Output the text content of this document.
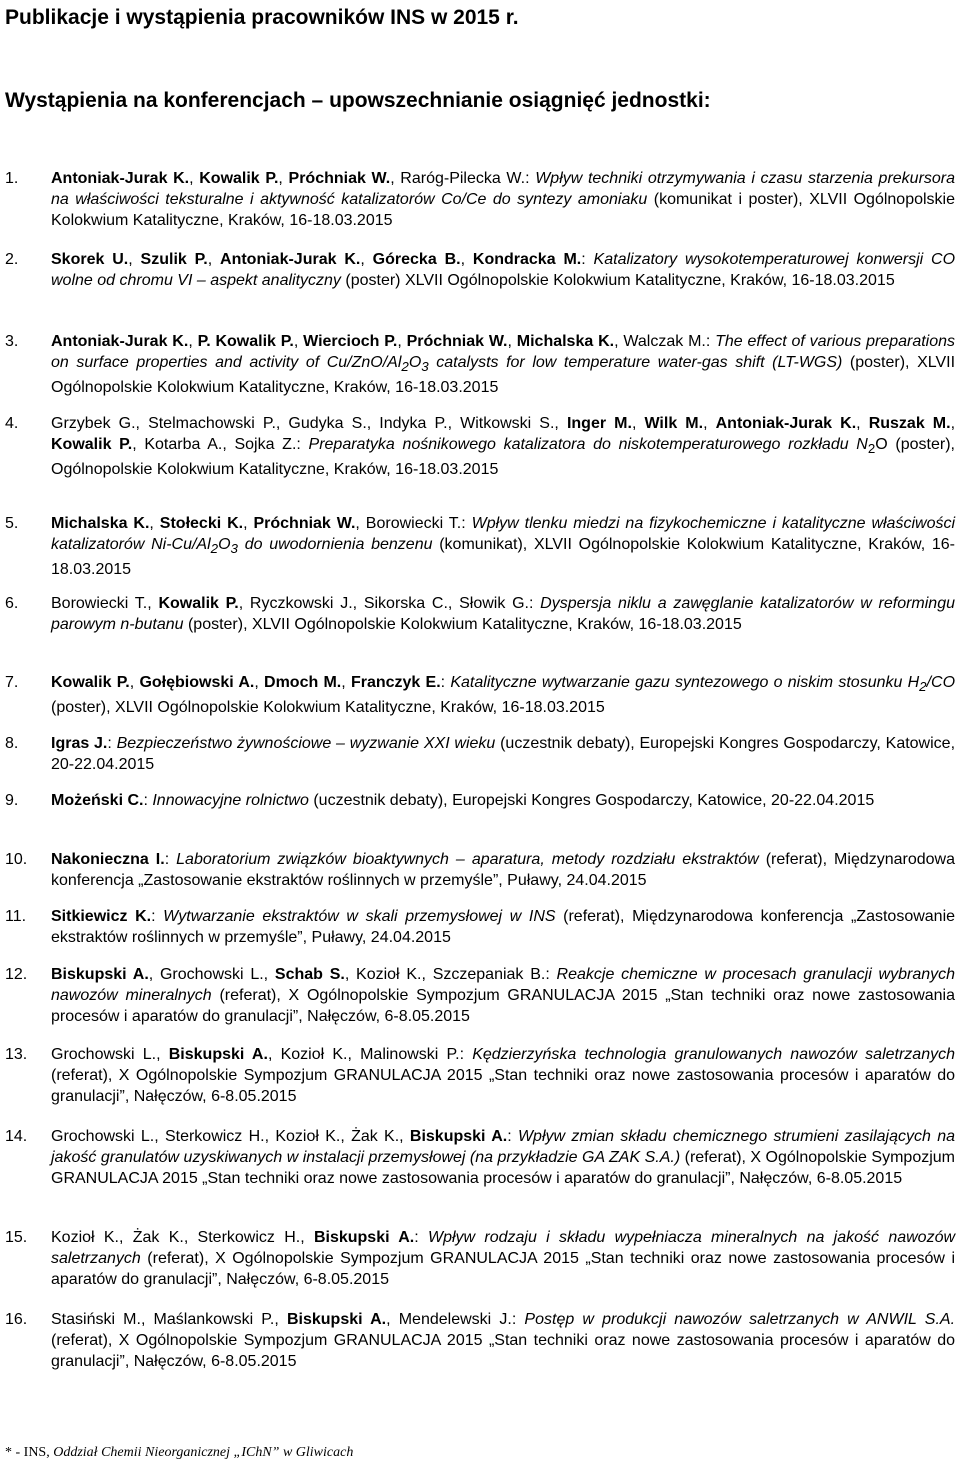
Publikacje i wystąpienia pracowników INS w 2015 r.
Wystąpienia na konferencjach – upowszechnianie osiągnięć jednostki:
1. Antoniak-Jurak K., Kowalik P., Próchniak W., Raróg-Pilecka W.: Wpływ techniki otrzymywania i czasu starzenia prekursora na właściwości teksturalne i aktywność katalizatorów Co/Ce do syntezy amoniaku (komunikat i poster), XLVII Ogólnopolskie Kolokwium Katalityczne, Kraków, 16-18.03.2015
2. Skorek U., Szulik P., Antoniak-Jurak K., Górecka B., Kondracka M.: Katalizatory wysokotemperaturowej konwersji CO wolne od chromu VI – aspekt analityczny (poster) XLVII Ogólnopolskie Kolokwium Katalityczne, Kraków, 16-18.03.2015
3. Antoniak-Jurak K., P. Kowalik P., Wiercioch P., Próchniak W., Michalska K., Walczak M.: The effect of various preparations on surface properties and activity of $Cu/ZnO/Al_2O_3$ catalysts for low temperature water-gas shift (LT-WGS) (poster), XLVII Ogólnopolskie Kolokwium Katalityczne, Kraków, 16-18.03.2015
4. Grzybek G., Stelmachowski P., Gudyka S., Indyka P., Witkowski S., Inger M., Wilk M., Antoniak-Jurak K., Ruszak M., Kowalik P., Kotarba A., Sojka Z.: Preparatyka nośnikowego katalizatora do niskotemperaturowego rozkładu $N_2O$ (poster), Ogólnopolskie Kolokwium Katalityczne, Kraków, 16-18.03.2015
5. Michalska K., Stołecki K., Próchniak W., Borowiecki T.: Wpływ tlenku miedzi na fizykochemiczne i katalityczne właściwości katalizatorów $Ni-Cu/Al_2O_3$ do uwodornienia benzenu (komunikat), XLVII Ogólnopolskie Kolokwium Katalityczne, Kraków, 16-18.03.2015
6. Borowiecki T., Kowalik P., Ryczkowski J., Sikorska C., Słowik G.: Dyspersja niklu a zawęglanie katalizatorów w reformingu parowym n-butanu (poster), XLVII Ogólnopolskie Kolokwium Katalityczne, Kraków, 16-18.03.2015
7. Kowalik P., Gołębiowski A., Dmoch M., Franczyk E.: Katalityczne wytwarzanie gazu syntezowego o niskim stosunku $H_2/CO$ (poster), XLVII Ogólnopolskie Kolokwium Katalityczne, Kraków, 16-18.03.2015
8. Igras J.: Bezpieczeństwo żywnościowe – wyzwanie XXI wieku (uczestnik debaty), Europejski Kongres Gospodarczy, Katowice, 20-22.04.2015
9. Możeński C.: Innowacyjne rolnictwo (uczestnik debaty), Europejski Kongres Gospodarczy, Katowice, 20-22.04.2015
10. Nakonieczna I.: Laboratorium związków bioaktywnych – aparatura, metody rozdziału ekstraktów (referat), Międzynarodowa konferencja „Zastosowanie ekstraktów roślinnych w przemyśle”, Puławy, 24.04.2015
11. Sitkiewicz K.: Wytwarzanie ekstraktów w skali przemysłowej w INS (referat), Międzynarodowa konferencja „Zastosowanie ekstraktów roślinnych w przemyśle”, Puławy, 24.04.2015
12. Biskupski A., Grochowski L., Schab S., Kozioł K., Szczepaniak B.: Reakcje chemiczne w procesach granulacji wybranych nawozów mineralnych (referat), X Ogólnopolskie Sympozjum GRANULACJA 2015 „Stan techniki oraz nowe zastosowania procesów i aparatów do granulacji”, Nałęczów, 6-8.05.2015
13. Grochowski L., Biskupski A., Kozioł K., Malinowski P.: Kędzierzyńska technologia granulowanych nawozów saletrzanych (referat), X Ogólnopolskie Sympozjum GRANULACJA 2015 „Stan techniki oraz nowe zastosowania procesów i aparatów do granulacji”, Nałęczów, 6-8.05.2015
14. Grochowski L., Sterkowicz H., Kozioł K., Żak K., Biskupski A.: Wpływ zmian składu chemicznego strumieni zasilających na jakość granulatów uzyskiwanych w instalacji przemysłowej (na przykładzie GA ZAK S.A.) (referat), X Ogólnopolskie Sympozjum GRANULACJA 2015 „Stan techniki oraz nowe zastosowania procesów i aparatów do granulacji”, Nałęczów, 6-8.05.2015
15. Kozioł K., Żak K., Sterkowicz H., Biskupski A.: Wpływ rodzaju i składu wypełniacza mineralnych na jakość nawozów saletrzanych (referat), X Ogólnopolskie Sympozjum GRANULACJA 2015 „Stan techniki oraz nowe zastosowania procesów i aparatów do granulacji”, Nałęczów, 6-8.05.2015
16. Stasiński M., Maślankowski P., Biskupski A., Mendelewski J.: Postęp w produkcji nawozów saletrzanych w ANWIL S.A. (referat), X Ogólnopolskie Sympozjum GRANULACJA 2015 „Stan techniki oraz nowe zastosowania procesów i aparatów do granulacji”, Nałęczów, 6-8.05.2015
* - INS, Oddział Chemii Nieorganicznej „IChN” w Gliwicach
